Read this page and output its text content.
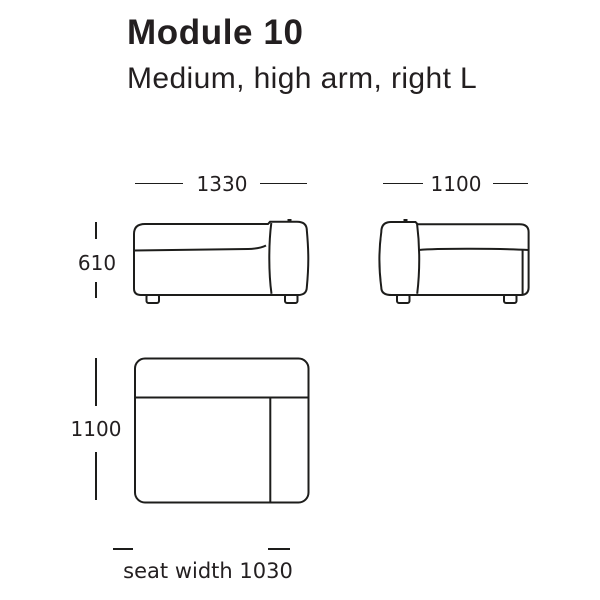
Module 10
Medium, high arm, right L
1330
610
1100
1100
seat width 1030
